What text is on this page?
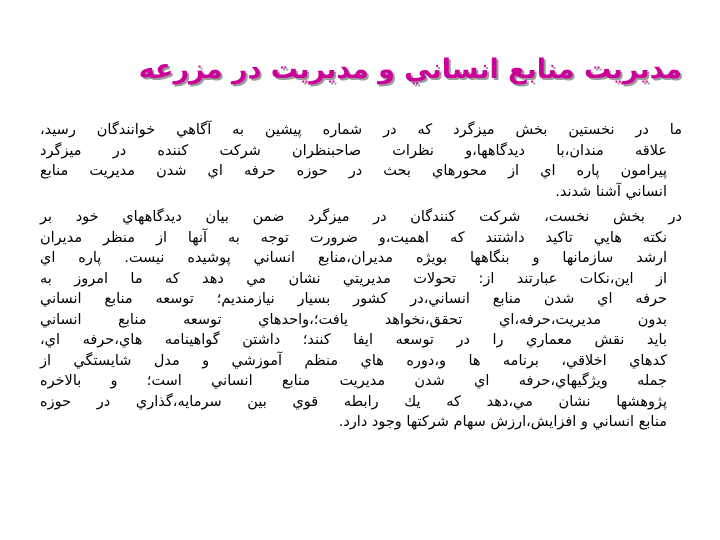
مديريت منابع انساني و مديريت در مزرعه
ما در نخستين بخش ميزگرد كه در شماره پيشين به آگاهي خوانندگان رسيد،
علاقه مندان،با ديدگاهها،و نظرات صاحبنظران شركت كننده در ميزگرد
پيرامون پاره اي از محورهاي بحث در حوزه حرفه اي شدن مديريت منابع
انساني آشنا شدند.
در بخش نخست، شركت كنندگان در ميزگرد ضمن بيان ديدگاههاي خود بر
نكته هايي تاكيد داشتند كه اهميت،و ضرورت توجه به آنها از منظر مديران
ارشد سازمانها و بنگاهها بويژه مديران،منابع انساني پوشيده نيست. پاره اي
از اين،نكات عبارتند از: تحولات مديريتي نشان مي دهد كه ما امروز به
حرفه اي شدن منابع انساني،در كشور بسيار نيازمنديم؛ توسعه منابع انساني
بدون مديريت،حرفه،اي تحقق،نخواهد يافت؛،واحدهاي توسعه منابع انساني
بايد نقش معماري را در توسعه ايفا كنند؛ داشتن گواهينامه هاي،حرفه اي،
كدهاي اخلاقي، برنامه ها و،دوره هاي منظم آموزشي و مدل شايستگي از
جمله ويژگيهاي،حرفه اي شدن مديريت منابع انساني است؛ و بالاخره
پژوهشها نشان مي،دهد كه يك رابطه قوي بين سرمايه،گذاري در حوزه
منابع انساني و افزايش،ارزش سهام شركتها وجود دارد.
